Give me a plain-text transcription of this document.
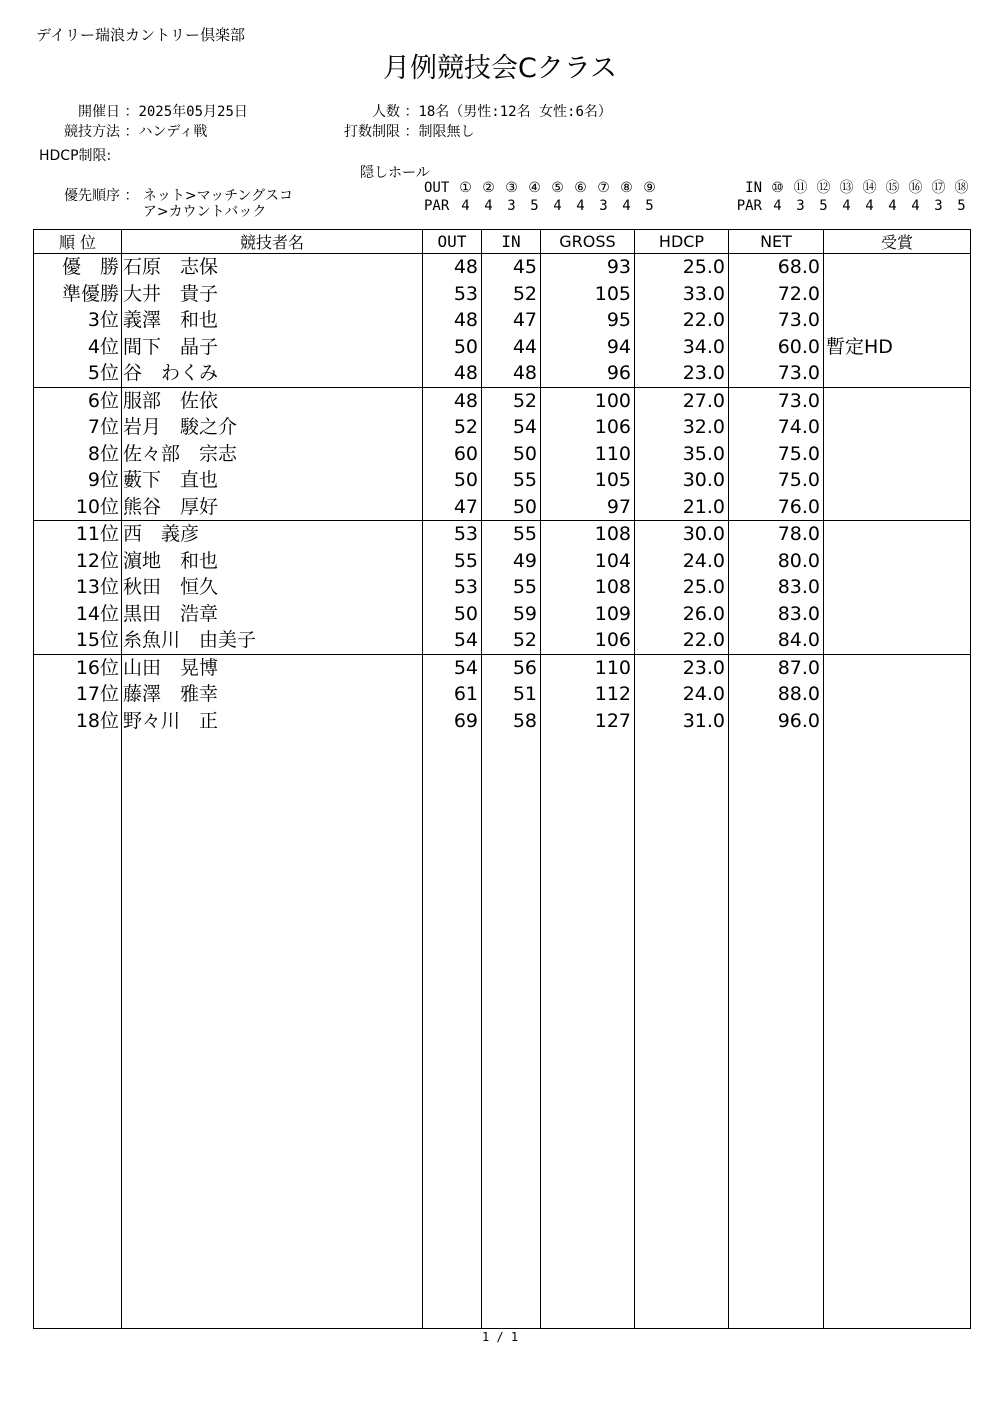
デイリー瑞浪カントリー倶楽部
月例競技会Cクラス
開催日 ：2025年05月25日
競技方法 ：ハンディ戦
HDCP制限:
人数 ：18名（男性:12名 女性:6名）
打数制限 ：制限無し
隠しホール
優先順序 ： ネット>マッチングスコ
ア>カウントバック
OUT ① ② ③ ④ ⑤ ⑥ ⑦ ⑧ ⑨
PAR 4 4 3 5 4 4 3 4 5
IN ⑩ ⑪ ⑫ ⑬ ⑭ ⑮ ⑯ ⑰ ⑱
PAR 4 3 5 4 4 4 4 3 5
順 位	競技者名	OUT	IN	GROSS	HDCP	NET	受賞
優　勝	石原　志保	48	45	93	25.0	68.0	
準優勝	大井　貴子	53	52	105	33.0	72.0	
3位	義澤　和也	48	47	95	22.0	73.0	
4位	間下　晶子	50	44	94	34.0	60.0	暫定HD
5位	谷　わくみ	48	48	96	23.0	73.0	
6位	服部　佐依	48	52	100	27.0	73.0	
7位	岩月　駿之介	52	54	106	32.0	74.0	
8位	佐々部　宗志	60	50	110	35.0	75.0	
9位	藪下　直也	50	55	105	30.0	75.0	
10位	熊谷　厚好	47	50	97	21.0	76.0	
11位	西　義彦	53	55	108	30.0	78.0	
12位	濵地　和也	55	49	104	24.0	80.0	
13位	秋田　恒久	53	55	108	25.0	83.0	
14位	黒田　浩章	50	59	109	26.0	83.0	
15位	糸魚川　由美子	54	52	106	22.0	84.0	
16位	山田　晃博	54	56	110	23.0	87.0	
17位	藤澤　雅幸	61	51	112	24.0	88.0	
18位	野々川　正	69	58	127	31.0	96.0	

1 / 1
